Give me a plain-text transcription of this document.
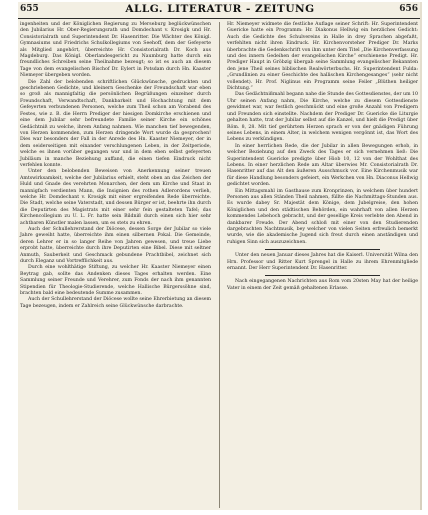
655	ALLG. LITERATUR - ZEITUNG	656

ingenheiten und der Königlichen Regierung zu Merseburg beglückwünschen den Jubilarius Hr. Ober-Regierungsrath und Domdechant v. Krosigk und Hr. Consistorialrath und Superintendent Dr. Hasenritter. Die Wächter des Königl. Gymnasiums und Friedrichs Schulkollegiums von Seehoff, dem der Gefeyerte als Mitglied angehört, überreichte Hr. Consistorialrath Dr. Koch aus Magdeburg. Das Königl. Oberlandesgericht zu Naumburg hatte durch ein freundliches Schreiben seine Theilnahme bezeugt; so ist es auch an diesem Tage von dem evangelischen Bischof Dr. Eylert in Potsdam durch Hn. Kaaster Niemeyer übergeben worden.

Die Zahl der belobenden schriftlichen Glückwünsche, gedruckten und geschriebenen Gedichte, und kleinern Geschenke der Freundschaft war eben so groß als mannigfaltig die persönlichen Begrüßungen einzelner durch Freundschaft, Verwandtschaft, Dankbarkeit und Hochachtung mit dem Gefeyerten verbundenen Personen, welche zum Theil schon am Vorabend des Festes, wie z. B. die Herrn Prediger der hiesigen Domkirche erschienen und eine dem Jubilar sehr befreundete Familie seiner Kirche ein schönes Gedächtniß zu welche, ihrem Anfang nahmen. Wie manchen tief bewegenden, von Herzen kommenden, zum Herzen dringende Wort wurde da gesprochen! Dies war besonders der Fall in der Anrede des Hn. Kaaster Niemeyer, der in dem seiderseitigen mit einander verschlungenen Leben, in der Zeitperiode, welche es ihnen vorüber gegangen war und in dem eben selbst gefeyerten Jubiläum in manche Beziehung auffand, die einen tiefen Eindruck nicht verfehlen konnte.

Unter den belobenden Beweisen von Anerkennung seiner treuen Amtswirksamkeit, welche der Jubilarius erhielt, steht oben an das Zeichen der Huld und Gnade des verehrten Monarchen, der dem um Kirche und Staat in mannigfach verdienten Mann, die Insignien des rothen Adlerordens verlieh, welche Hr. Domdechant v. Krosigk mit einer ergreifenden Rede überreichte. Die Stadt, welche seine Vaterstadt, und dessen Bürger er ist, beehrte ihn durch die Deputirten des Magistrats mit einer sehr fein gestalteten Tafel; das Kirchencollegium zu U. L. Fr. hatte sein Bildniß durch einen sich hier sehr achtbaren Künstler malen lassen, um es stets zu ehren.

Auch der Schullehrerstand der Diöcese, dessen Sorge der Jubilar so viele Jahre geweiht hatte, überreichte ihm einen silbernen Pokal. Die Gemeinde, deren Lehrer er in so langer Reihe von Jahren gewesen, und treue Liebe erprobt hatte, überreichte durch ihre Deputirten eine Bibel. Diese mit seltner Anmuth, Sauberkeit und Geschmack gebundene Prachtbibel, zeichnet sich durch Eleganz und Vortrefflichkeit aus.

Durch eine wohlthätige Stiftung, zu welcher Hr. Kaaster Niemeyer einen Beytrag gab, sollte das Andenken dieses Tages erhalten werden. Eine Sammlung seiner Freunde und Verehrer, zum Fonds der nach ihm genannten Stipendien für Theologie-Studierende, welche Hallische Bürgerssöhne sind, brachten bald eine bedeutende Summe zusammen.

Auch der Schullehrerstand der Diöcese wollte seine Ehrerbietung an diesem Tage bezeugen, indem er Zahlreich seine Glückwünsche darbrachte.

Hr. Niemeyer widmete die festliche Auflage seiner Schrift: Hr. Superintendent Guericke hatte ein Programm: Hr. Diakonus Hellwig ein herzliches Gedicht: Auch die Gedichte des Schulvereins in Halle in drey Sprachen abgefaßt, verfehlten nicht ihren Eindruck. Hr. Kirchenvorsteher Prediger Dr. Marks überbrachte die Gedenkschrift von ihm unter dem Titel „Die Kirchenverfassung und des innern Gedeihen der evangelischen Kirche“ erschienene Predigt. Hr. Prediger Haupt in Gröbzig übergab seine Sammlung evangelischer Bekannten den jene Theil seines biblischen Realwörterbuchs. Hr. Superintendent Fulda: „Grundlinien zu einer Geschichte des hallischen Kirchengesanges“ (sehr nicht vollendet). Hr. Prof. Niglinus ein Programm seine Feiler „Blüthen heiliger Dichtung.“

Das Gedächtnißmahl begann nahe die Stunde des Gottesdienstes, der um 10 Uhr seinen Anfang nahm, Die Kirche, welche zu diesem Gottesdienste gewidmet war, war festlich geschmückt und eine große Anzahl von Predigern und Freunden sich einstellte. Nachdem der Prediger Dr. Guericke die Liturgie gehalten hatte, trat der Jubilar selbst auf die Kanzel, und hielt die Predigt über Röm. 8, 28. Mit tief gerührtem Herzen sprach er von der gnädigen Führung seines Lebens, in einem Alter, in welchem wenigen vergönnt ist, das Wort des Lebens zu verkündigen.

In einer herrlichen Rede, die der Jubilar in allen Bewegungen erhob, in welcher Beziehung auf den Zweck des Tages er sich vernehmen ließ: Die Superintendent Guericke predigte über Hiob 10, 12 von der Wohlthat des Lebens. In einer herzlichen Rede am Altar überwies Mr. Consistorialrath Dr. Hasenritter auf das Alt den äußeren Ausschmuck vor. Eine Kirchenmusik war für diese Handlung besonders gefeiert, ein Werkchen von Hn. Diaconus Hellwig gedichtet worden.

Ein Mittagsmahl im Gasthause zum Kronprinzen, in welchem über hundert Personen aus allen Ständen Theil nahmen, füllte die Nachmittags-Stunden aus. Es wurde dabey Sr. Majestät dem Könige, dem Jubelgreise, den hohen Königlichen und den städtischen Behörden, ein wahrhaft von allen Herzen kommendes Lebehoch gebracht, und der gesellige Kreis verlebte den Abend in dankbarer Freude. Der Abend schloß mit einer von den Studierenden dargebrachten Nachtmusik, bey welcher von vielen Seiten erfreulich bemerkt wurde, wie die akademische Jugend sich freut durch einen anständigen und ruhigen Sinn sich auszuzeichnen.

Unter den neuen Januar dieses Jahres hat die Kaiserl. Universität Wilna den Hrn. Professor und Ritter Kurt Sprengel in Halle zu ihrem Ehrenmitgliede ernannt. Der Herr Superintendent Dr. Hasenritter.

Nach eingegangenen Nachrichten aus Rom vom 20sten May hat der heilige Vater in einem der Zeit gemäß gehaltenen Erlasse.
